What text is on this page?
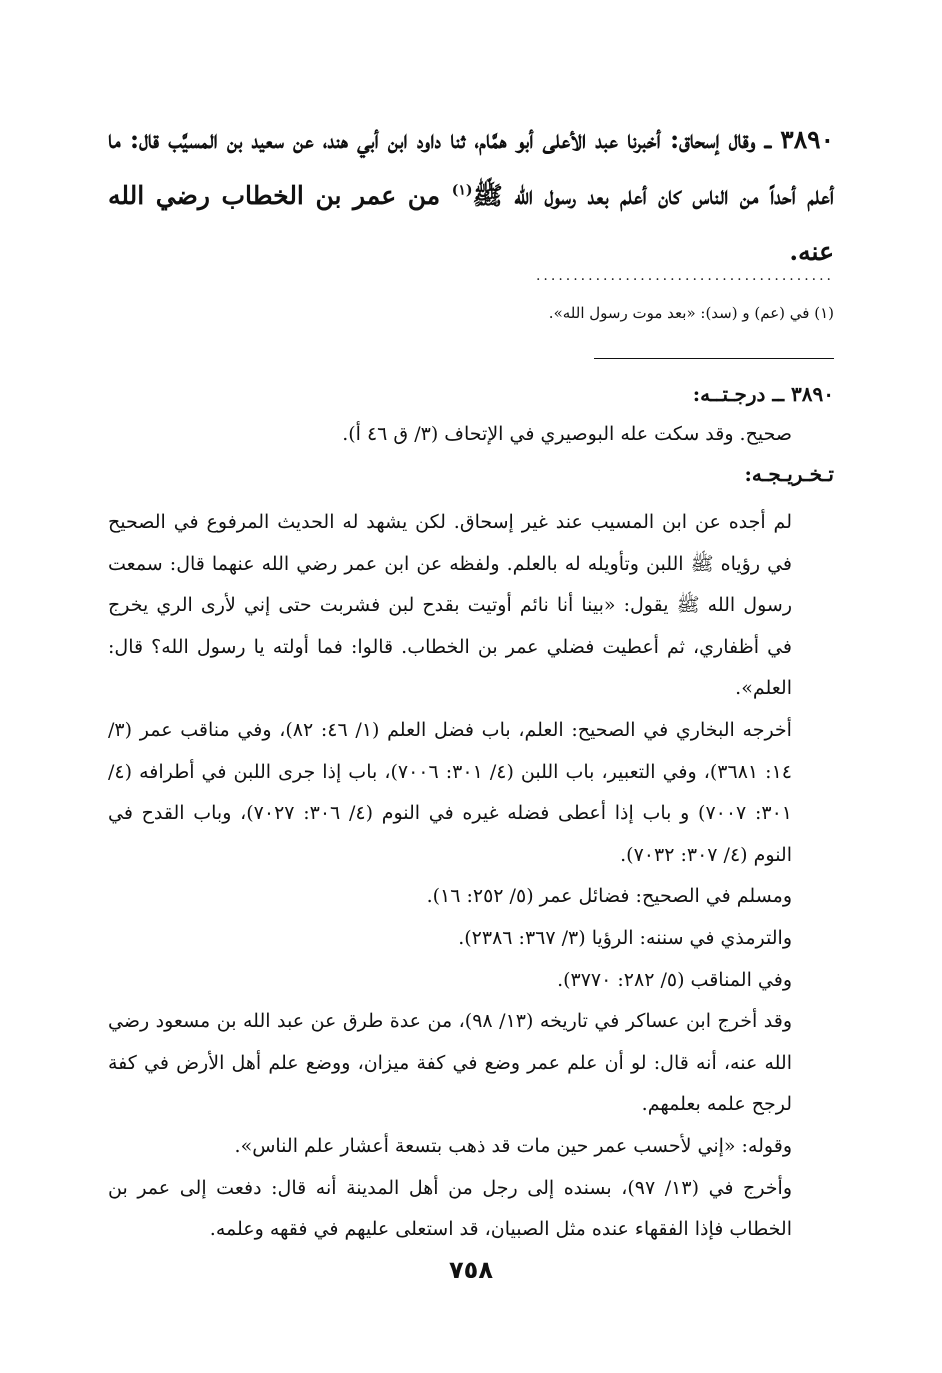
٣٨٩٠ ــ وقال إسحاق: أخبرنا عبد الأعلى أبو همَّام، ثنا داود ابن أبي هند، عن سعيد بن المسيَّب قال: ما أعلم أحداً من الناس كان أعلم بعد رسول الله ﷺ$^{(١)}$ من عمر بن الخطاب رضي الله عنه.
........................................
(١) في (عم) و (سد): «بعد موت رسول الله».

٣٨٩٠ ــ درجـتــه:

صحيح. وقد سكت عله البوصيري في الإتحاف (٣/ ق ٤٦ أ).

تـخـريـجـه:

لم أجده عن ابن المسيب عند غير إسحاق. لكن يشهد له الحديث المرفوع في الصحيح في رؤياه ﷺ اللبن وتأويله له بالعلم. ولفظه عن ابن عمر رضي الله عنهما قال: سمعت رسول الله ﷺ يقول: «بينا أنا نائم أوتيت بقدح لبن فشربت حتى إني لأرى الري يخرج في أظفاري، ثم أعطيت فضلي عمر بن الخطاب. قالوا: فما أولته يا رسول الله؟ قال: العلم».

أخرجه البخاري في الصحيح: العلم، باب فضل العلم (١/ ٤٦: ٨٢)، وفي مناقب عمر (٣/ ١٤: ٣٦٨١)، وفي التعبير، باب اللبن (٤/ ٣٠١: ٧٠٠٦)، باب إذا جرى اللبن في أطرافه (٤/ ٣٠١: ٧٠٠٧) و باب إذا أعطى فضله غيره في النوم (٤/ ٣٠٦: ٧٠٢٧)، وباب القدح في النوم (٤/ ٣٠٧: ٧٠٣٢).

ومسلم في الصحيح: فضائل عمر (٥/ ٢٥٢: ١٦).

والترمذي في سننه: الرؤيا (٣/ ٣٦٧: ٢٣٨٦).

وفي المناقب (٥/ ٢٨٢: ٣٧٧٠).

وقد أخرج ابن عساكر في تاريخه (١٣/ ٩٨)، من عدة طرق عن عبد الله بن مسعود رضي الله عنه، أنه قال: لو أن علم عمر وضع في كفة ميزان، ووضع علم أهل الأرض في كفة لرجح علمه بعلمهم.

وقوله: «إني لأحسب عمر حين مات قد ذهب بتسعة أعشار علم الناس».

وأخرج في (١٣/ ٩٧)، بسنده إلى رجل من أهل المدينة أنه قال: دفعت إلى عمر بن الخطاب فإذا الفقهاء عنده مثل الصبيان، قد استعلى عليهم في فقهه وعلمه.

٧٥٨
